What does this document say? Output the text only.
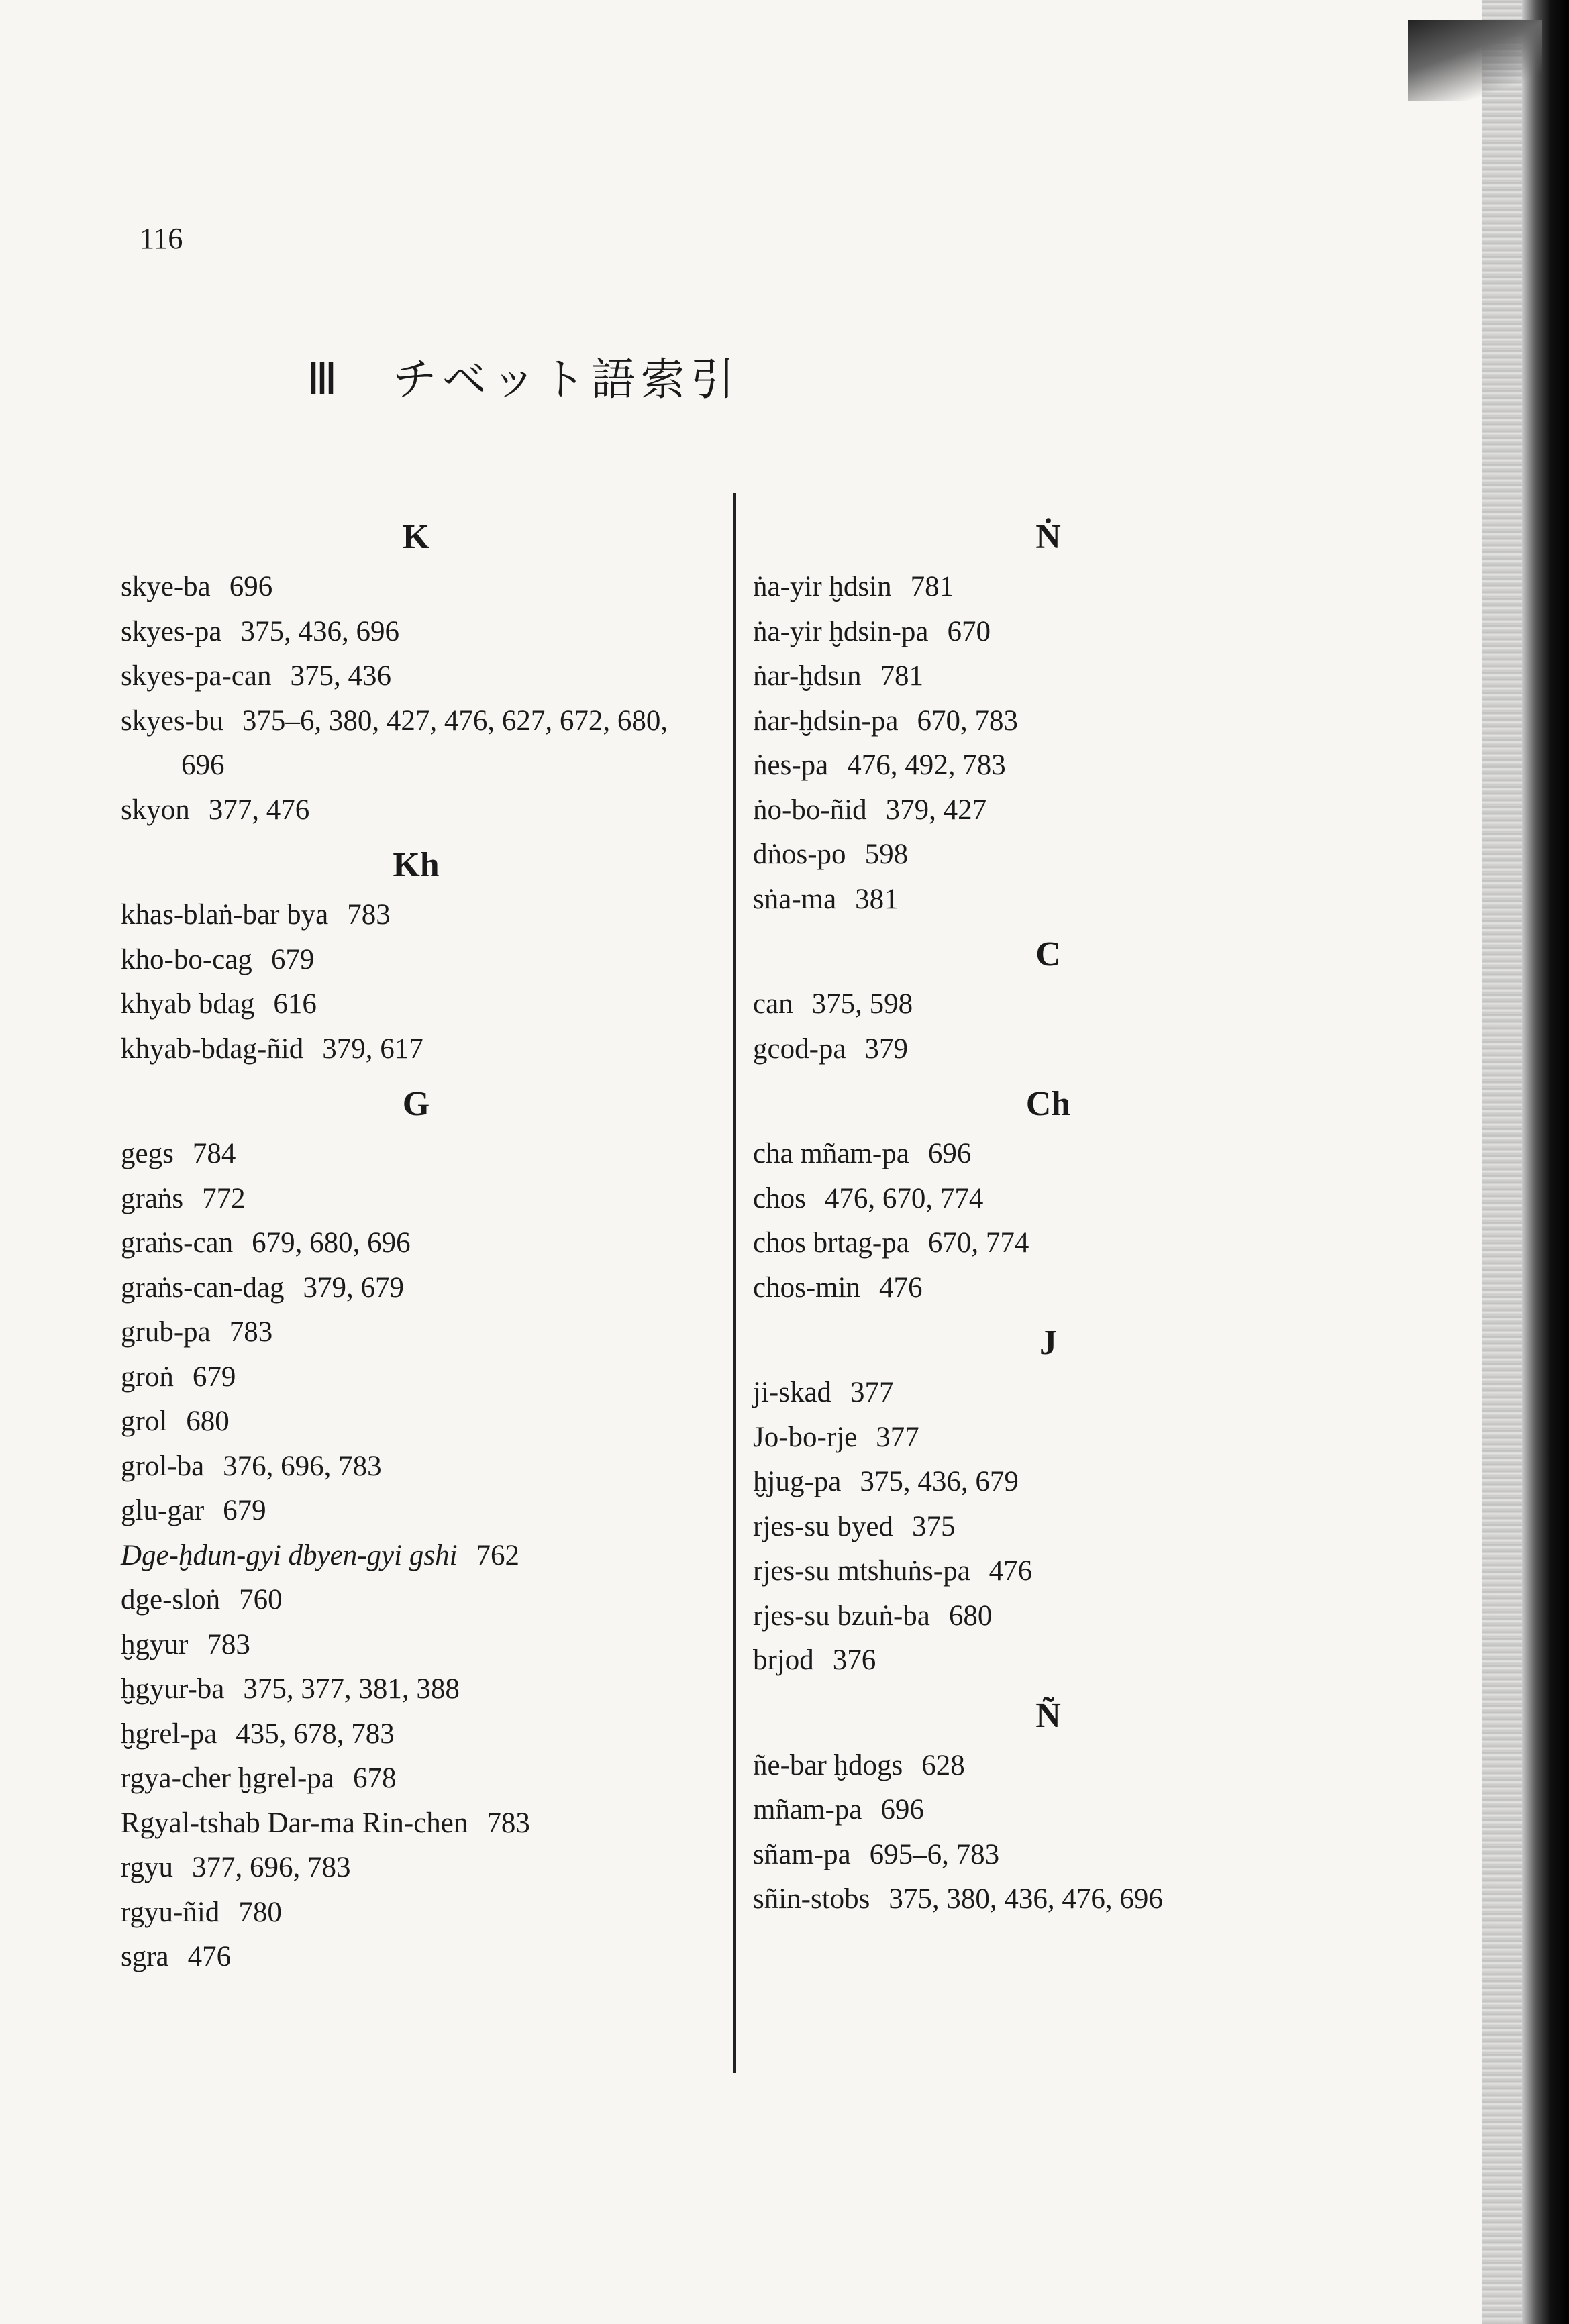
116
Ⅲ　チベット語索引
K
skye-ba 696
skyes-pa 375, 436, 696
skyes-pa-can 375, 436
skyes-bu 375–6, 380, 427, 476, 627, 672, 680,
696
skyon 377, 476
Kh
khas-blaṅ-bar bya 783
kho-bo-cag 679
khyab bdag 616
khyab-bdag-ñid 379, 617
G
gegs 784
graṅs 772
graṅs-can 679, 680, 696
graṅs-can-dag 379, 679
grub-pa 783
groṅ 679
grol 680
grol-ba 376, 696, 783
glu-gar 679
Dge-ḫdun-gyi dbyen-gyi gshi 762
dge-sloṅ 760
ḫgyur 783
ḫgyur-ba 375, 377, 381, 388
ḫgrel-pa 435, 678, 783
rgya-cher ḫgrel-pa 678
Rgyal-tshab Dar-ma Rin-chen 783
rgyu 377, 696, 783
rgyu-ñid 780
sgra 476
Ṅ
ṅa-yir ḫdsin 781
ṅa-yir ḫdsin-pa 670
ṅar-ḫdsın 781
ṅar-ḫdsin-pa 670, 783
ṅes-pa 476, 492, 783
ṅo-bo-ñid 379, 427
dṅos-po 598
sṅa-ma 381
C
can 375, 598
gcod-pa 379
Ch
cha mñam-pa 696
chos 476, 670, 774
chos brtag-pa 670, 774
chos-min 476
J
ji-skad 377
Jo-bo-rje 377
ḫjug-pa 375, 436, 679
rjes-su byed 375
rjes-su mtshuṅs-pa 476
rjes-su bzuṅ-ba 680
brjod 376
Ñ
ñe-bar ḫdogs 628
mñam-pa 696
sñam-pa 695–6, 783
sñin-stobs 375, 380, 436, 476, 696
